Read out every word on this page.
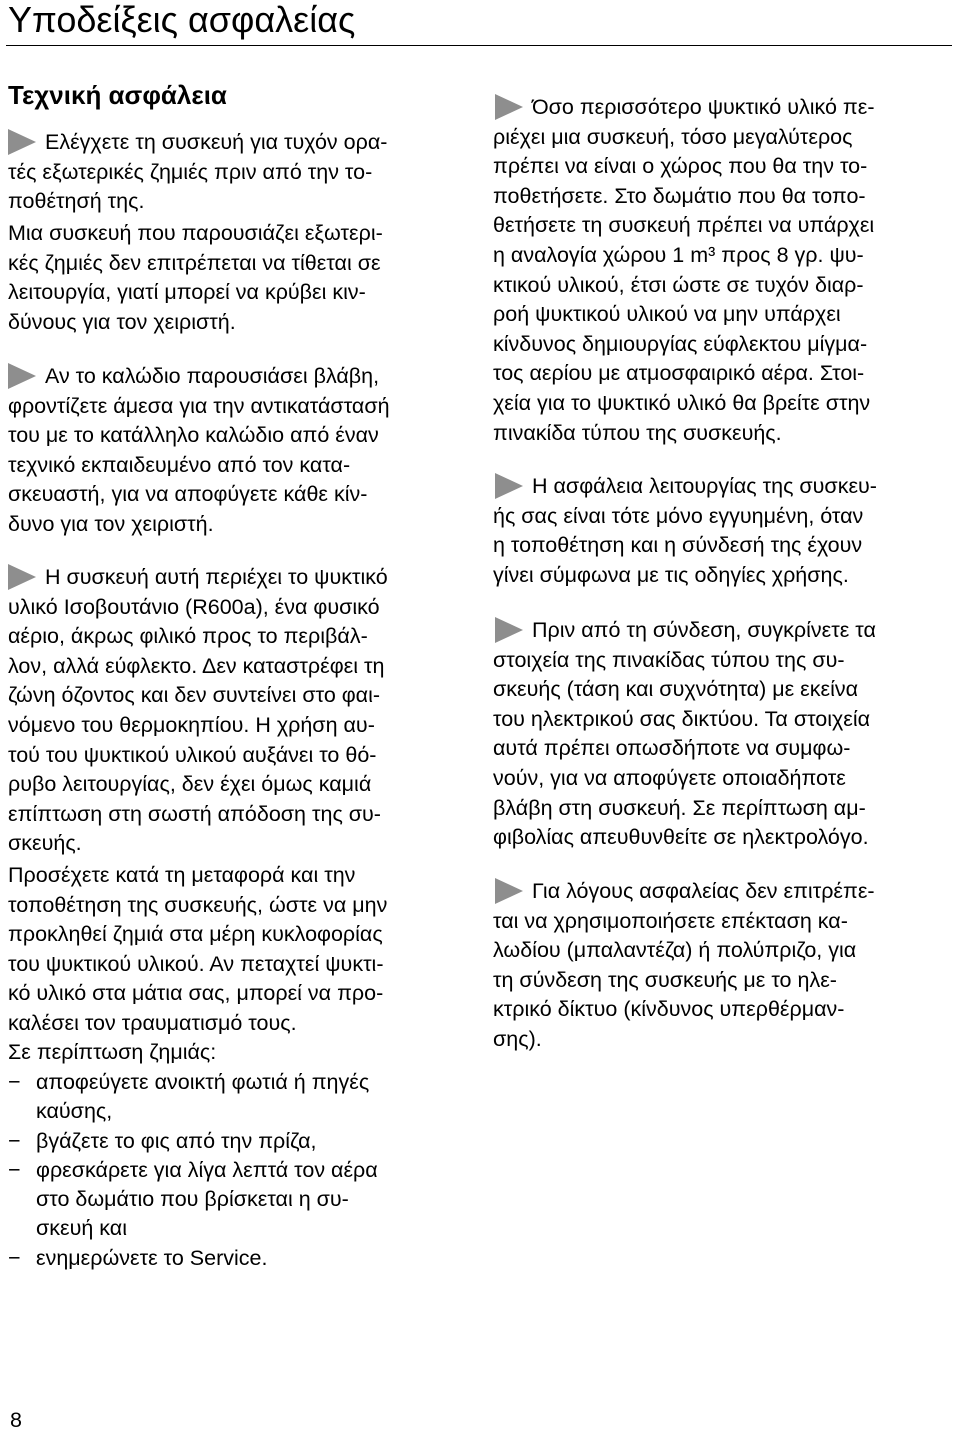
Υποδείξεις ασφαλείας
Τεχνική ασφάλεια
Ελέγχετε τη συσκευή για τυχόν ορα-
τές εξωτερικές ζημιές πριν από την το-
ποθέτησή της.
Μια συσκευή που παρουσιάζει εξωτερι-
κές ζημιές δεν επιτρέπεται να τίθεται σε
λειτουργία, γιατί μπορεί να κρύβει κιν-
δύνους για τον χειριστή.
Αν το καλώδιο παρουσιάσει βλάβη,
φροντίζετε άμεσα για την αντικατάστασή
του με το κατάλληλο καλώδιο από έναν
τεχνικό εκπαιδευμένο από τον κατα-
σκευαστή, για να αποφύγετε κάθε κίν-
δυνο για τον χειριστή.
Η συσκευή αυτή περιέχει το ψυκτικό
υλικό Ισοβουτάνιο (R600a), ένα φυσικό
αέριο, άκρως φιλικό προς το περιβάλ-
λον, αλλά εύφλεκτο. Δεν καταστρέφει τη
ζώνη όζοντος και δεν συντείνει στο φαι-
νόμενο του θερμοκηπίου. Η χρήση αυ-
τού του ψυκτικού υλικού αυξάνει το θό-
ρυβο λειτουργίας, δεν έχει όμως καμιά
επίπτωση στη σωστή απόδοση της συ-
σκευής.
Προσέχετε κατά τη μεταφορά και την
τοποθέτηση της συσκευής, ώστε να μην
προκληθεί ζημιά στα μέρη κυκλοφορίας
του ψυκτικού υλικού. Αν πεταχτεί ψυκτι-
κό υλικό στα μάτια σας, μπορεί να προ-
καλέσει τον τραυματισμό τους.
Σε περίπτωση ζημιάς:
− αποφεύγετε ανοικτή φωτιά ή πηγές
καύσης,
− βγάζετε το φις από την πρίζα,
− φρεσκάρετε για λίγα λεπτά τον αέρα
στο δωμάτιο που βρίσκεται η συ-
σκευή και
− ενημερώνετε το Service.
Όσο περισσότερο ψυκτικό υλικό πε-
ριέχει μια συσκευή, τόσο μεγαλύτερος
πρέπει να είναι ο χώρος που θα την το-
ποθετήσετε. Στο δωμάτιο που θα τοπο-
θετήσετε τη συσκευή πρέπει να υπάρχει
η αναλογία χώρου 1 m³ προς 8 γρ. ψυ-
κτικού υλικού, έτσι ώστε σε τυχόν διαρ-
ροή ψυκτικού υλικού να μην υπάρχει
κίνδυνος δημιουργίας εύφλεκτου μίγμα-
τος αερίου με ατμοσφαιρικό αέρα. Στοι-
χεία για το ψυκτικό υλικό θα βρείτε στην
πινακίδα τύπου της συσκευής.
Η ασφάλεια λειτουργίας της συσκευ-
ής σας είναι τότε μόνο εγγυημένη, όταν
η τοποθέτηση και η σύνδεσή της έχουν
γίνει σύμφωνα με τις οδηγίες χρήσης.
Πριν από τη σύνδεση, συγκρίνετε τα
στοιχεία της πινακίδας τύπου της συ-
σκευής (τάση και συχνότητα) με εκείνα
του ηλεκτρικού σας δικτύου. Τα στοιχεία
αυτά πρέπει οπωσδήποτε να συμφω-
νούν, για να αποφύγετε οποιαδήποτε
βλάβη στη συσκευή. Σε περίπτωση αμ-
φιβολίας απευθυνθείτε σε ηλεκτρολόγο.
Για λόγους ασφαλείας δεν επιτρέπε-
ται να χρησιμοποιήσετε επέκταση κα-
λωδίου (μπαλαντέζα) ή πολύπριζο, για
τη σύνδεση της συσκευής με το ηλε-
κτρικό δίκτυο (κίνδυνος υπερθέρμαν-
σης).
8
